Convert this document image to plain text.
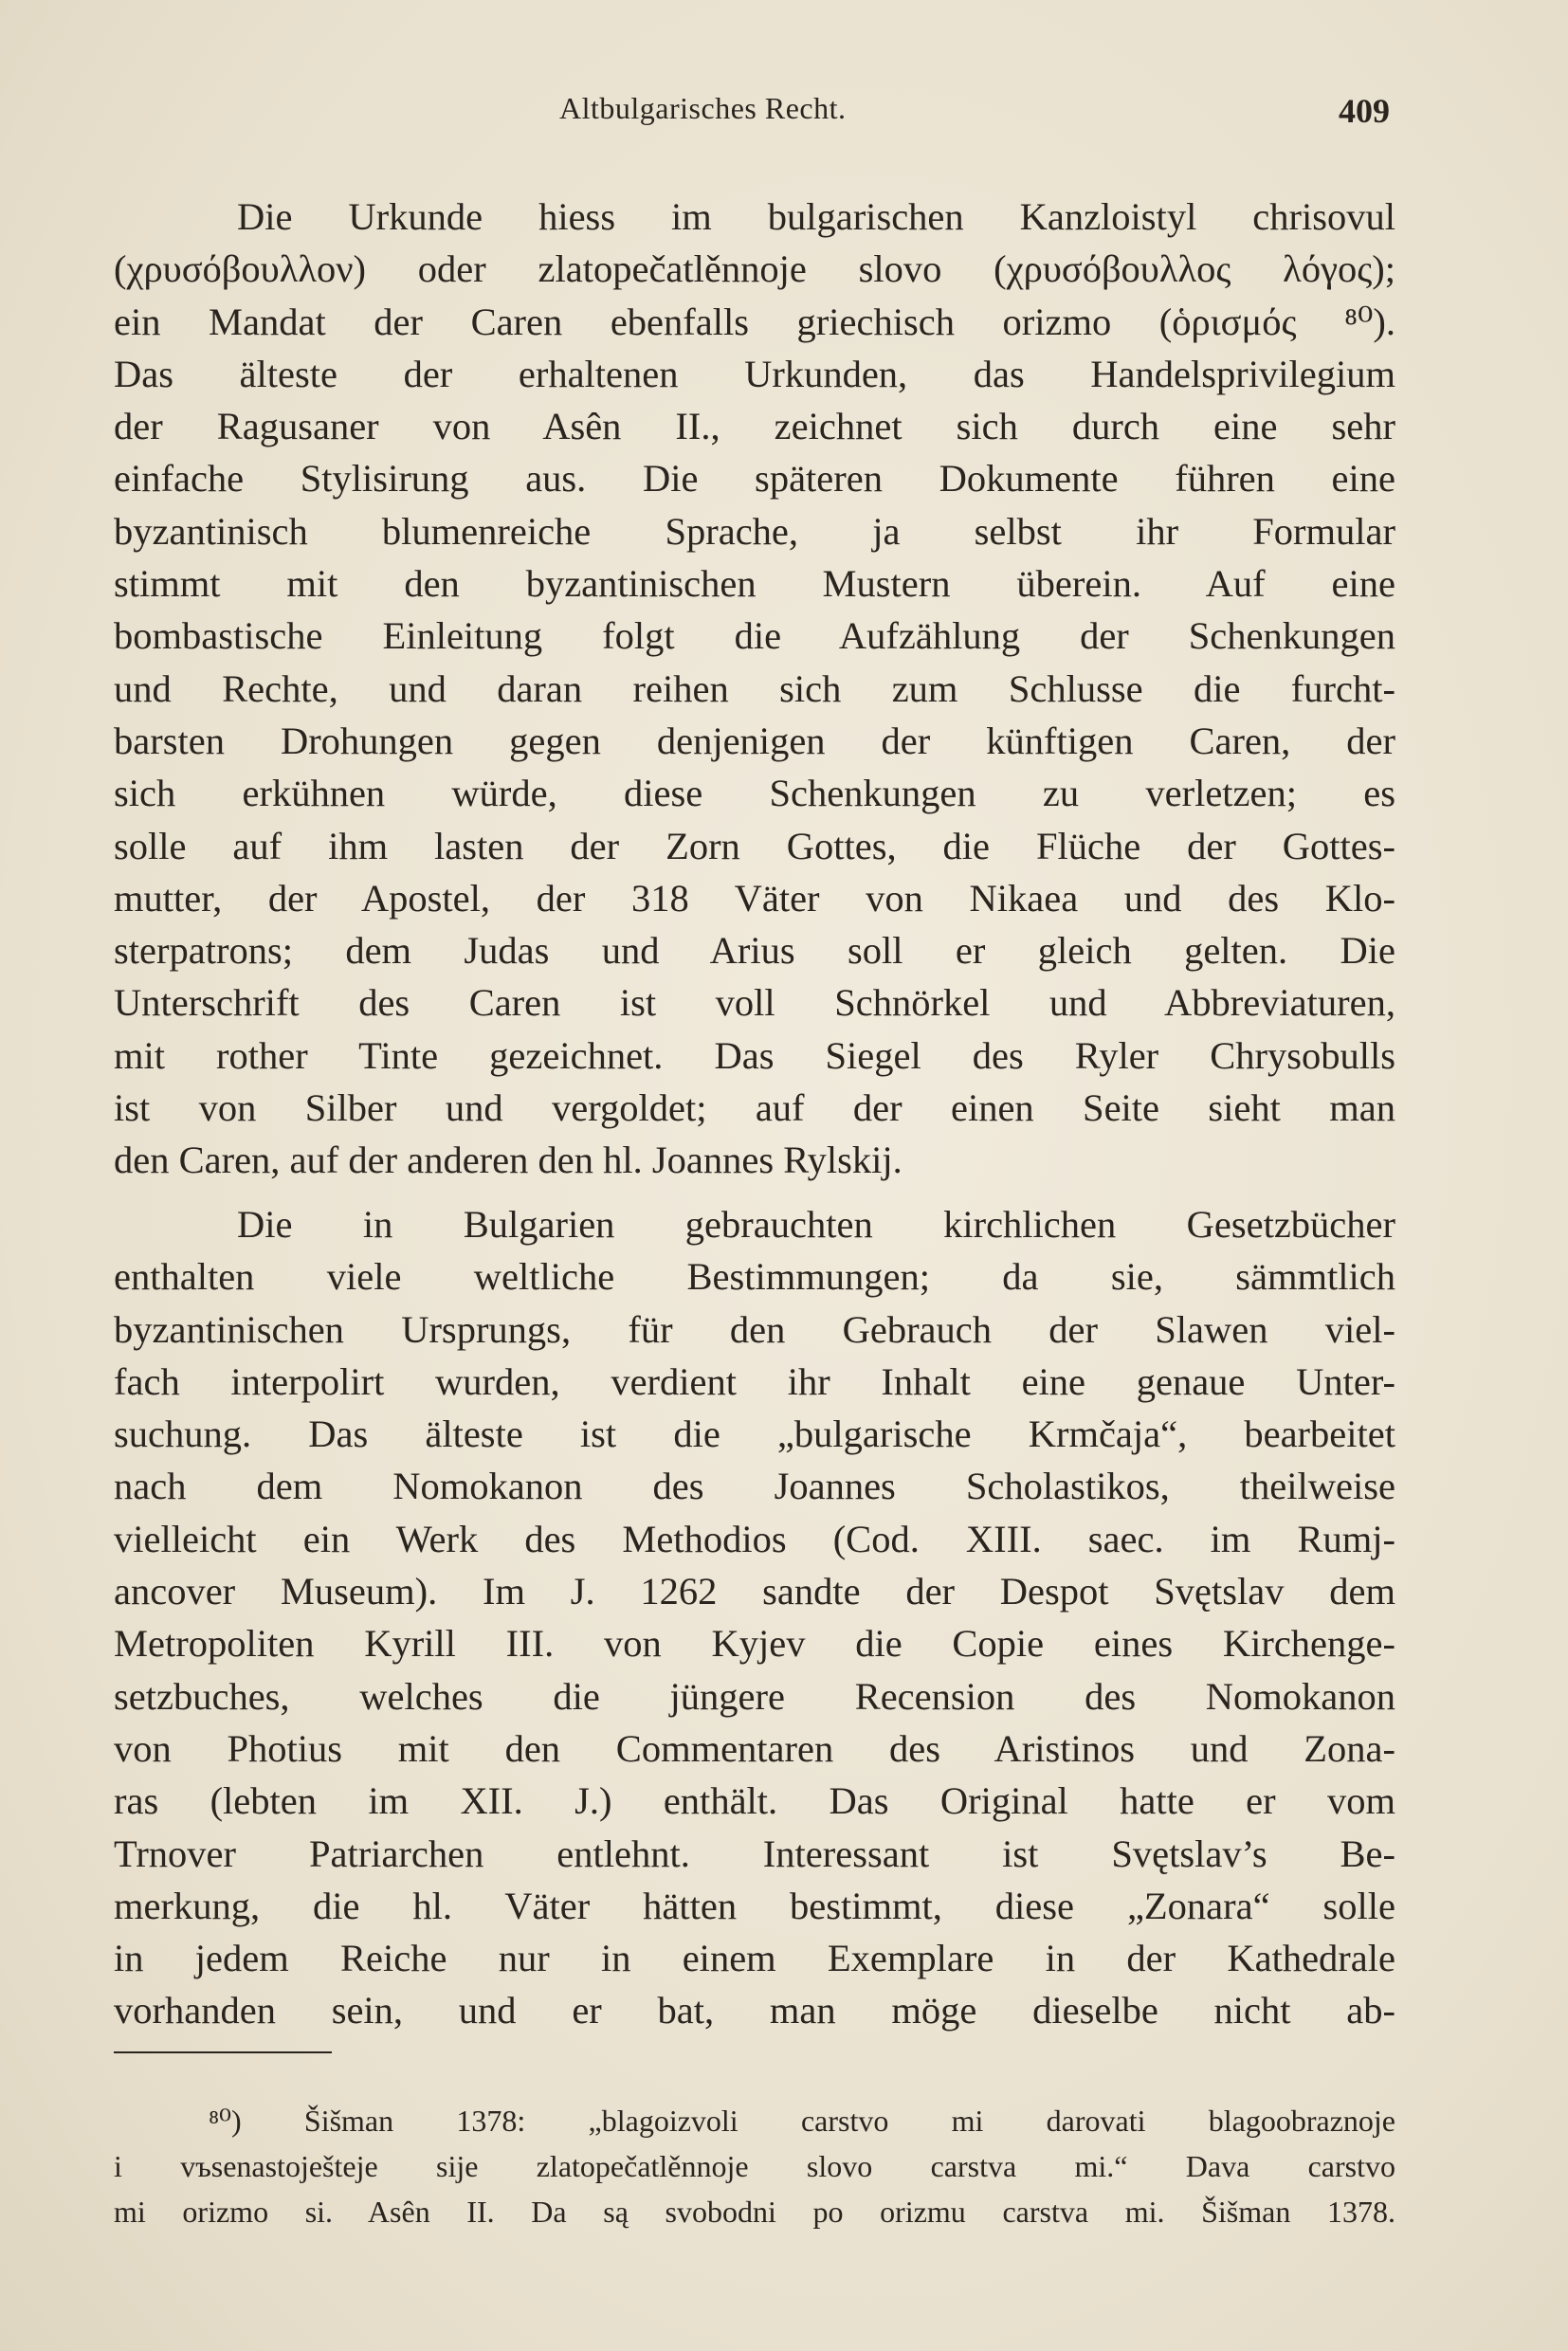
Altbulgarisches Recht.	409
Die Urkunde hiess im bulgarischen Kanzloistyl chrisovul
(χρυσόβουλλον) oder zlatopečatlěnnoje slovo (χρυσόβουλλος λόγος);
ein Mandat der Caren ebenfalls griechisch orizmo (ὁρισμός ⁸⁰).
Das älteste der erhaltenen Urkunden, das Handelsprivilegium
der Ragusaner von Asên II., zeichnet sich durch eine sehr
einfache Stylisirung aus. Die späteren Dokumente führen eine
byzantinisch blumenreiche Sprache, ja selbst ihr Formular
stimmt mit den byzantinischen Mustern überein. Auf eine
bombastische Einleitung folgt die Aufzählung der Schenkungen
und Rechte, und daran reihen sich zum Schlusse die furcht-
barsten Drohungen gegen denjenigen der künftigen Caren, der
sich erkühnen würde, diese Schenkungen zu verletzen; es
solle auf ihm lasten der Zorn Gottes, die Flüche der Gottes-
mutter, der Apostel, der 318 Väter von Nikaea und des Klo-
sterpatrons; dem Judas und Arius soll er gleich gelten. Die
Unterschrift des Caren ist voll Schnörkel und Abbreviaturen,
mit rother Tinte gezeichnet. Das Siegel des Ryler Chrysobulls
ist von Silber und vergoldet; auf der einen Seite sieht man
den Caren, auf der anderen den hl. Joannes Rylskij.
Die in Bulgarien gebrauchten kirchlichen Gesetzbücher
enthalten viele weltliche Bestimmungen; da sie, sämmtlich
byzantinischen Ursprungs, für den Gebrauch der Slawen viel-
fach interpolirt wurden, verdient ihr Inhalt eine genaue Unter-
suchung. Das älteste ist die „bulgarische Krmčaja“, bearbeitet
nach dem Nomokanon des Joannes Scholastikos, theilweise
vielleicht ein Werk des Methodios (Cod. XIII. saec. im Rumj-
ancover Museum). Im J. 1262 sandte der Despot Svętslav dem
Metropoliten Kyrill III. von Kyjev die Copie eines Kirchenge-
setzbuches, welches die jüngere Recension des Nomokanon
von Photius mit den Commentaren des Aristinos und Zona-
ras (lebten im XII. J.) enthält. Das Original hatte er vom
Trnover Patriarchen entlehnt. Interessant ist Svętslav’s Be-
merkung, die hl. Väter hätten bestimmt, diese „Zonara“ solle
in jedem Reiche nur in einem Exemplare in der Kathedrale
vorhanden sein, und er bat, man möge dieselbe nicht ab-
⁸⁰) Šišman 1378: „blagoizvoli carstvo mi darovati blagoobraznoje
i vъsenastoještejе sije zlatopečatlěnnoje slovo carstva mi.“ Dava carstvo
mi orizmo si. Asên II. Da są svobodni po orizmu carstva mi. Šišman 1378.
